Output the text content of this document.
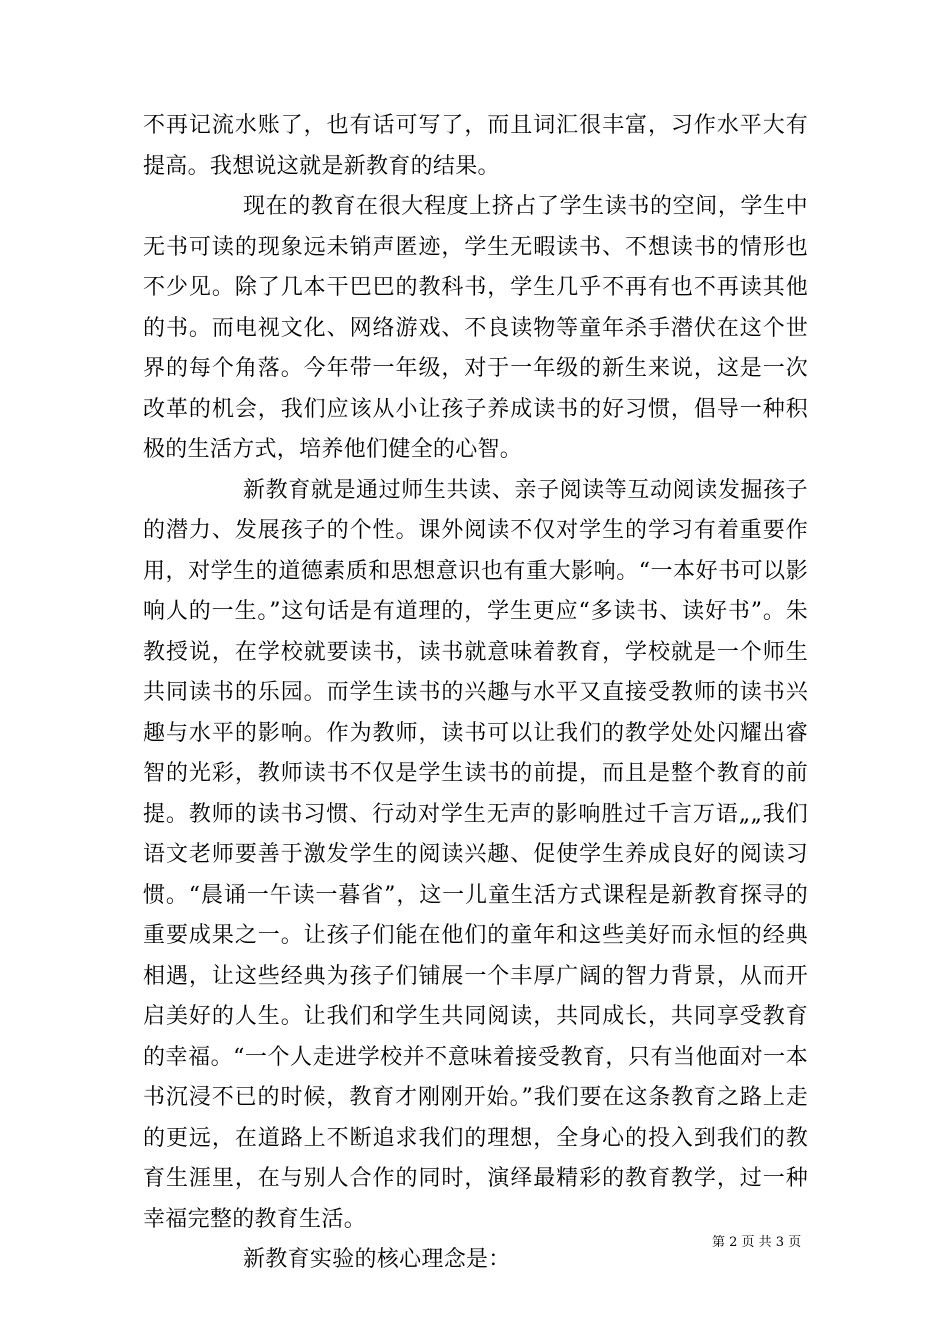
不再记流水账了，也有话可写了，而且词汇很丰富，习作水平大有提高。我想说这就是新教育的结果。

现在的教育在很大程度上挤占了学生读书的空间，学生中无书可读的现象远未销声匿迹，学生无暇读书、不想读书的情形也不少见。除了几本干巴巴的教科书，学生几乎不再有也不再读其他的书。而电视文化、网络游戏、不良读物等童年杀手潜伏在这个世界的每个角落。今年带一年级，对于一年级的新生来说，这是一次改革的机会，我们应该从小让孩子养成读书的好习惯，倡导一种积极的生活方式，培养他们健全的心智。

新教育就是通过师生共读、亲子阅读等互动阅读发掘孩子的潜力、发展孩子的个性。课外阅读不仅对学生的学习有着重要作用，对学生的道德素质和思想意识也有重大影响。“一本好书可以影响人的一生。”这句话是有道理的，学生更应“多读书、读好书”。朱教授说，在学校就要读书，读书就意味着教育，学校就是一个师生共同读书的乐园。而学生读书的兴趣与水平又直接受教师的读书兴趣与水平的影响。作为教师，读书可以让我们的教学处处闪耀出睿智的光彩，教师读书不仅是学生读书的前提，而且是整个教育的前提。教师的读书习惯、行动对学生无声的影响胜过千言万语„„我们语文老师要善于激发学生的阅读兴趣、促使学生养成良好的阅读习惯。“晨诵一午读一暮省”，这一儿童生活方式课程是新教育探寻的重要成果之一。让孩子们能在他们的童年和这些美好而永恒的经典相遇，让这些经典为孩子们铺展一个丰厚广阔的智力背景，从而开启美好的人生。让我们和学生共同阅读，共同成长，共同享受教育的幸福。“一个人走进学校并不意味着接受教育，只有当他面对一本书沉浸不已的时候，教育才刚刚开始。”我们要在这条教育之路上走的更远，在道路上不断追求我们的理想，全身心的投入到我们的教育生涯里，在与别人合作的同时，演绎最精彩的教育教学，过一种幸福完整的教育生活。

新教育实验的核心理念是：

第 2 页 共 3 页
